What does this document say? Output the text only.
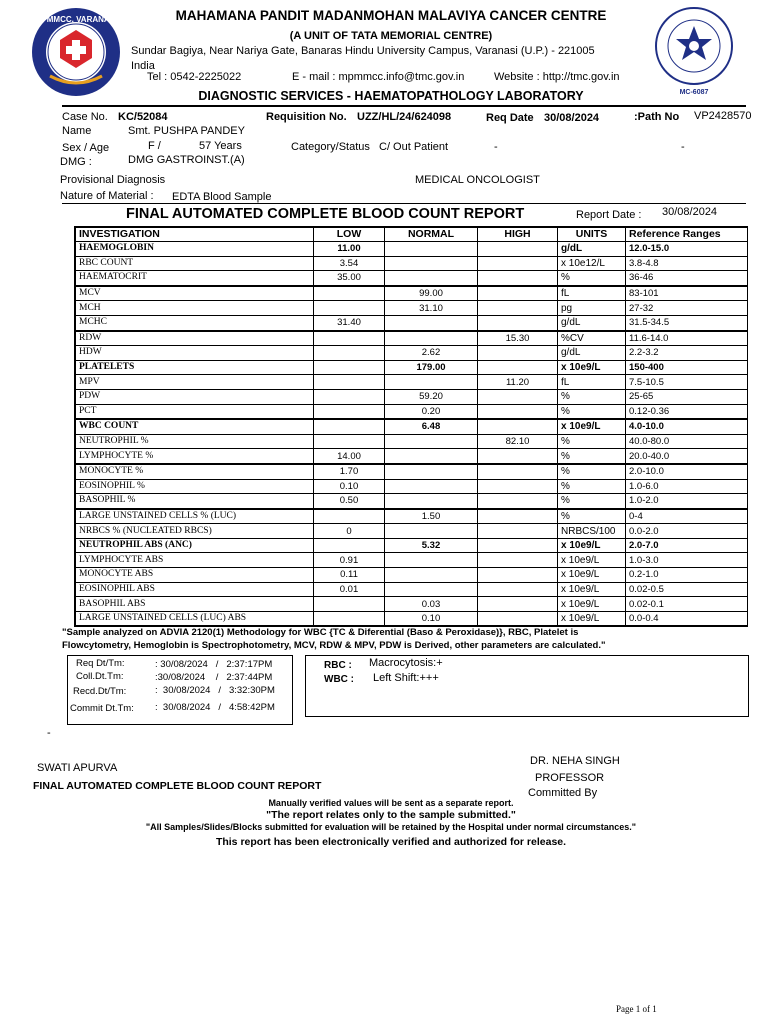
MPMMCC, VARANASI
MC-6087
MAHAMANA PANDIT MADANMOHAN MALAVIYA CANCER CENTRE
(A UNIT OF TATA MEMORIAL CENTRE)
Sundar Bagiya, Near Nariya Gate, Banaras Hindu University Campus, Varanasi (U.P.) - 221005 India
Tel : 0542-2225022	E - mail : mpmmcc.info@tmc.gov.in	Website : http://tmc.gov.in
DIAGNOSTIC SERVICES - HAEMATOPATHOLOGY LABORATORY
Case No. KC/52084	Requisition No. UZZ/HL/24/624098	Req Date 30/08/2024	:Path No VP2428570
Name	Smt. PUSHPA PANDEY
Sex / Age	F /	57 Years	Category/Status C/ Out Patient	-	-
DMG :	DMG GASTROINST.(A)
Provisional Diagnosis	MEDICAL ONCOLOGIST
Nature of Material : EDTA Blood Sample
FINAL AUTOMATED COMPLETE BLOOD COUNT REPORT	Report Date : 30/08/2024
INVESTIGATION	LOW	NORMAL	HIGH	UNITS	Reference Ranges
HAEMOGLOBIN	11.00			g/dL	12.0-15.0
RBC COUNT	3.54			x 10e12/L	3.8-4.8
HAEMATOCRIT	35.00			%	36-46
MCV		99.00		fL	83-101
MCH		31.10		pg	27-32
MCHC	31.40			g/dL	31.5-34.5
RDW			15.30	%CV	11.6-14.0
HDW		2.62		g/dL	2.2-3.2
PLATELETS		179.00		x 10e9/L	150-400
MPV			11.20	fL	7.5-10.5
PDW		59.20		%	25-65
PCT		0.20		%	0.12-0.36
WBC COUNT		6.48		x 10e9/L	4.0-10.0
NEUTROPHIL %			82.10	%	40.0-80.0
LYMPHOCYTE %	14.00			%	20.0-40.0
MONOCYTE %	1.70			%	2.0-10.0
EOSINOPHIL %	0.10			%	1.0-6.0
BASOPHIL %	0.50			%	1.0-2.0
LARGE UNSTAINED CELLS % (LUC)		1.50		%	0-4
NRBCS % (NUCLEATED RBCS)	0			NRBCS/100	0.0-2.0
NEUTROPHIL ABS (ANC)		5.32		x 10e9/L	2.0-7.0
LYMPHOCYTE ABS	0.91			x 10e9/L	1.0-3.0
MONOCYTE ABS	0.11			x 10e9/L	0.2-1.0
EOSINOPHIL ABS	0.01			x 10e9/L	0.02-0.5
BASOPHIL ABS		0.03		x 10e9/L	0.02-0.1
LARGE UNSTAINED CELLS (LUC) ABS		0.10		x 10e9/L	0.0-0.4
"Sample analyzed on ADVIA 2120(1) Methodology for WBC {TC & Diferential (Baso & Peroxidase)}, RBC, Platelet is
Flowcytometry, Hemoglobin is Spectrophotometry, MCV, RDW & MPV, PDW is Derived, other parameters are calculated."
Req Dt/Tm:	: 30/08/2024   /   2:37:17PM
Coll.Dt.Tm:	:30/08/2024    /   2:37:44PM
Recd.Dt/Tm:	:  30/08/2024   /   3:32:30PM
Commit Dt.Tm: :  30/08/2024   /   4:58:42PM
RBC : Macrocytosis:+
WBC : Left Shift:+++
-
SWATI APURVA
DR. NEHA SINGH
PROFESSOR
FINAL AUTOMATED COMPLETE BLOOD COUNT REPORT
Committed By
Manually verified values will be sent as a separate report.
"The report relates only to the sample submitted."
"All Samples/Slides/Blocks submitted for evaluation will be retained by the Hospital under normal circumstances."
This report has been electronically verified and authorized for release.
Page 1 of 1
